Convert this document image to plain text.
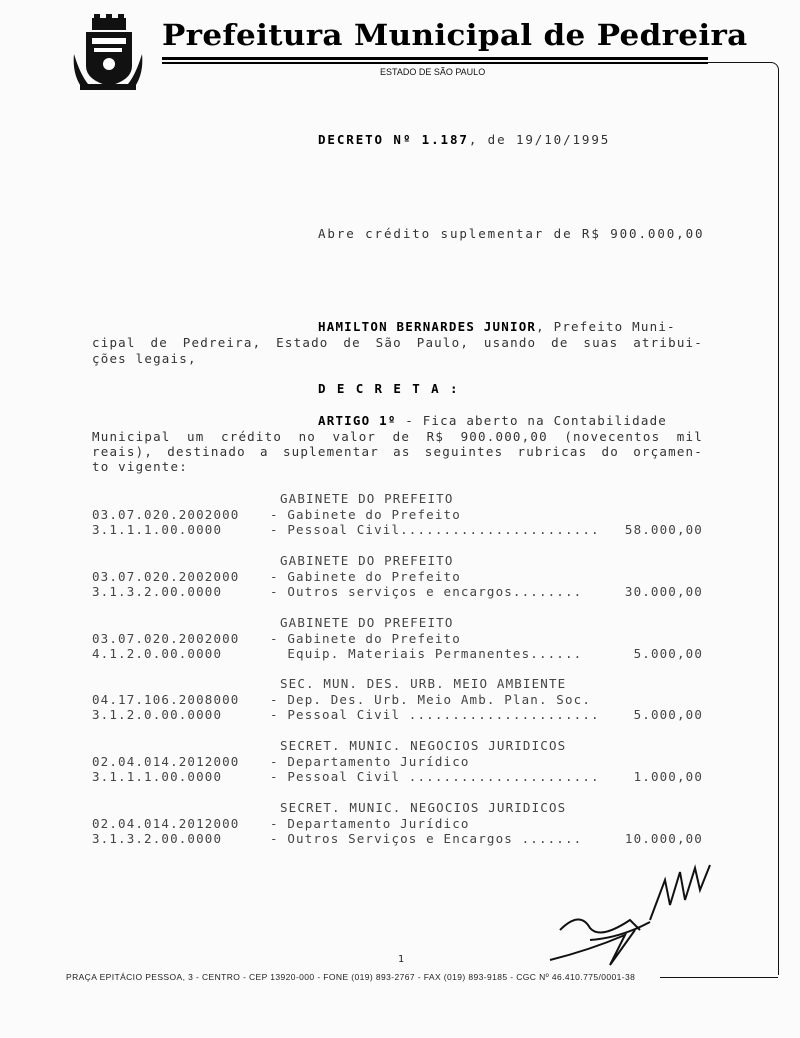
Prefeitura Municipal de Pedreira
ESTADO DE SÃO PAULO
DECRETO Nº 1.187, de 19/10/1995
Abre crédito suplementar de R$ 900.000,00
HAMILTON BERNARDES JUNIOR, Prefeito Muni-
cipal de Pedreira, Estado de São Paulo, usando de suas atribui-
ções legais,
D E C R E T A :
ARTIGO 1º - Fica aberto na Contabilidade
Municipal um crédito no valor de R$ 900.000,00 (novecentos mil
reais), destinado a suplementar as seguintes rubricas do orçamen-
to vigente:
GABINETE DO PREFEITO
03.07.020.2002000	- Gabinete do Prefeito
3.1.1.1.00.0000	- Pessoal Civil.......................	58.000,00
GABINETE DO PREFEITO
03.07.020.2002000	- Gabinete do Prefeito
3.1.3.2.00.0000	- Outros serviços e encargos........	30.000,00
GABINETE DO PREFEITO
03.07.020.2002000	- Gabinete do Prefeito
4.1.2.0.00.0000	Equip. Materiais Permanentes......	5.000,00
SEC. MUN. DES. URB. MEIO AMBIENTE
04.17.106.2008000	- Dep. Des. Urb. Meio Amb. Plan. Soc.
3.1.2.0.00.0000	- Pessoal Civil ......................	5.000,00
SECRET. MUNIC. NEGOCIOS JURIDICOS
02.04.014.2012000	- Departamento Jurídico
3.1.1.1.00.0000	- Pessoal Civil ......................	1.000,00
SECRET. MUNIC. NEGOCIOS JURIDICOS
02.04.014.2012000	- Departamento Jurídico
3.1.3.2.00.0000	- Outros Serviços e Encargos .......	10.000,00
1
PRAÇA EPITÁCIO PESSOA, 3 - CENTRO - CEP 13920-000 - FONE (019) 893-2767 - FAX (019) 893-9185 - CGC Nº 46.410.775/0001-38
